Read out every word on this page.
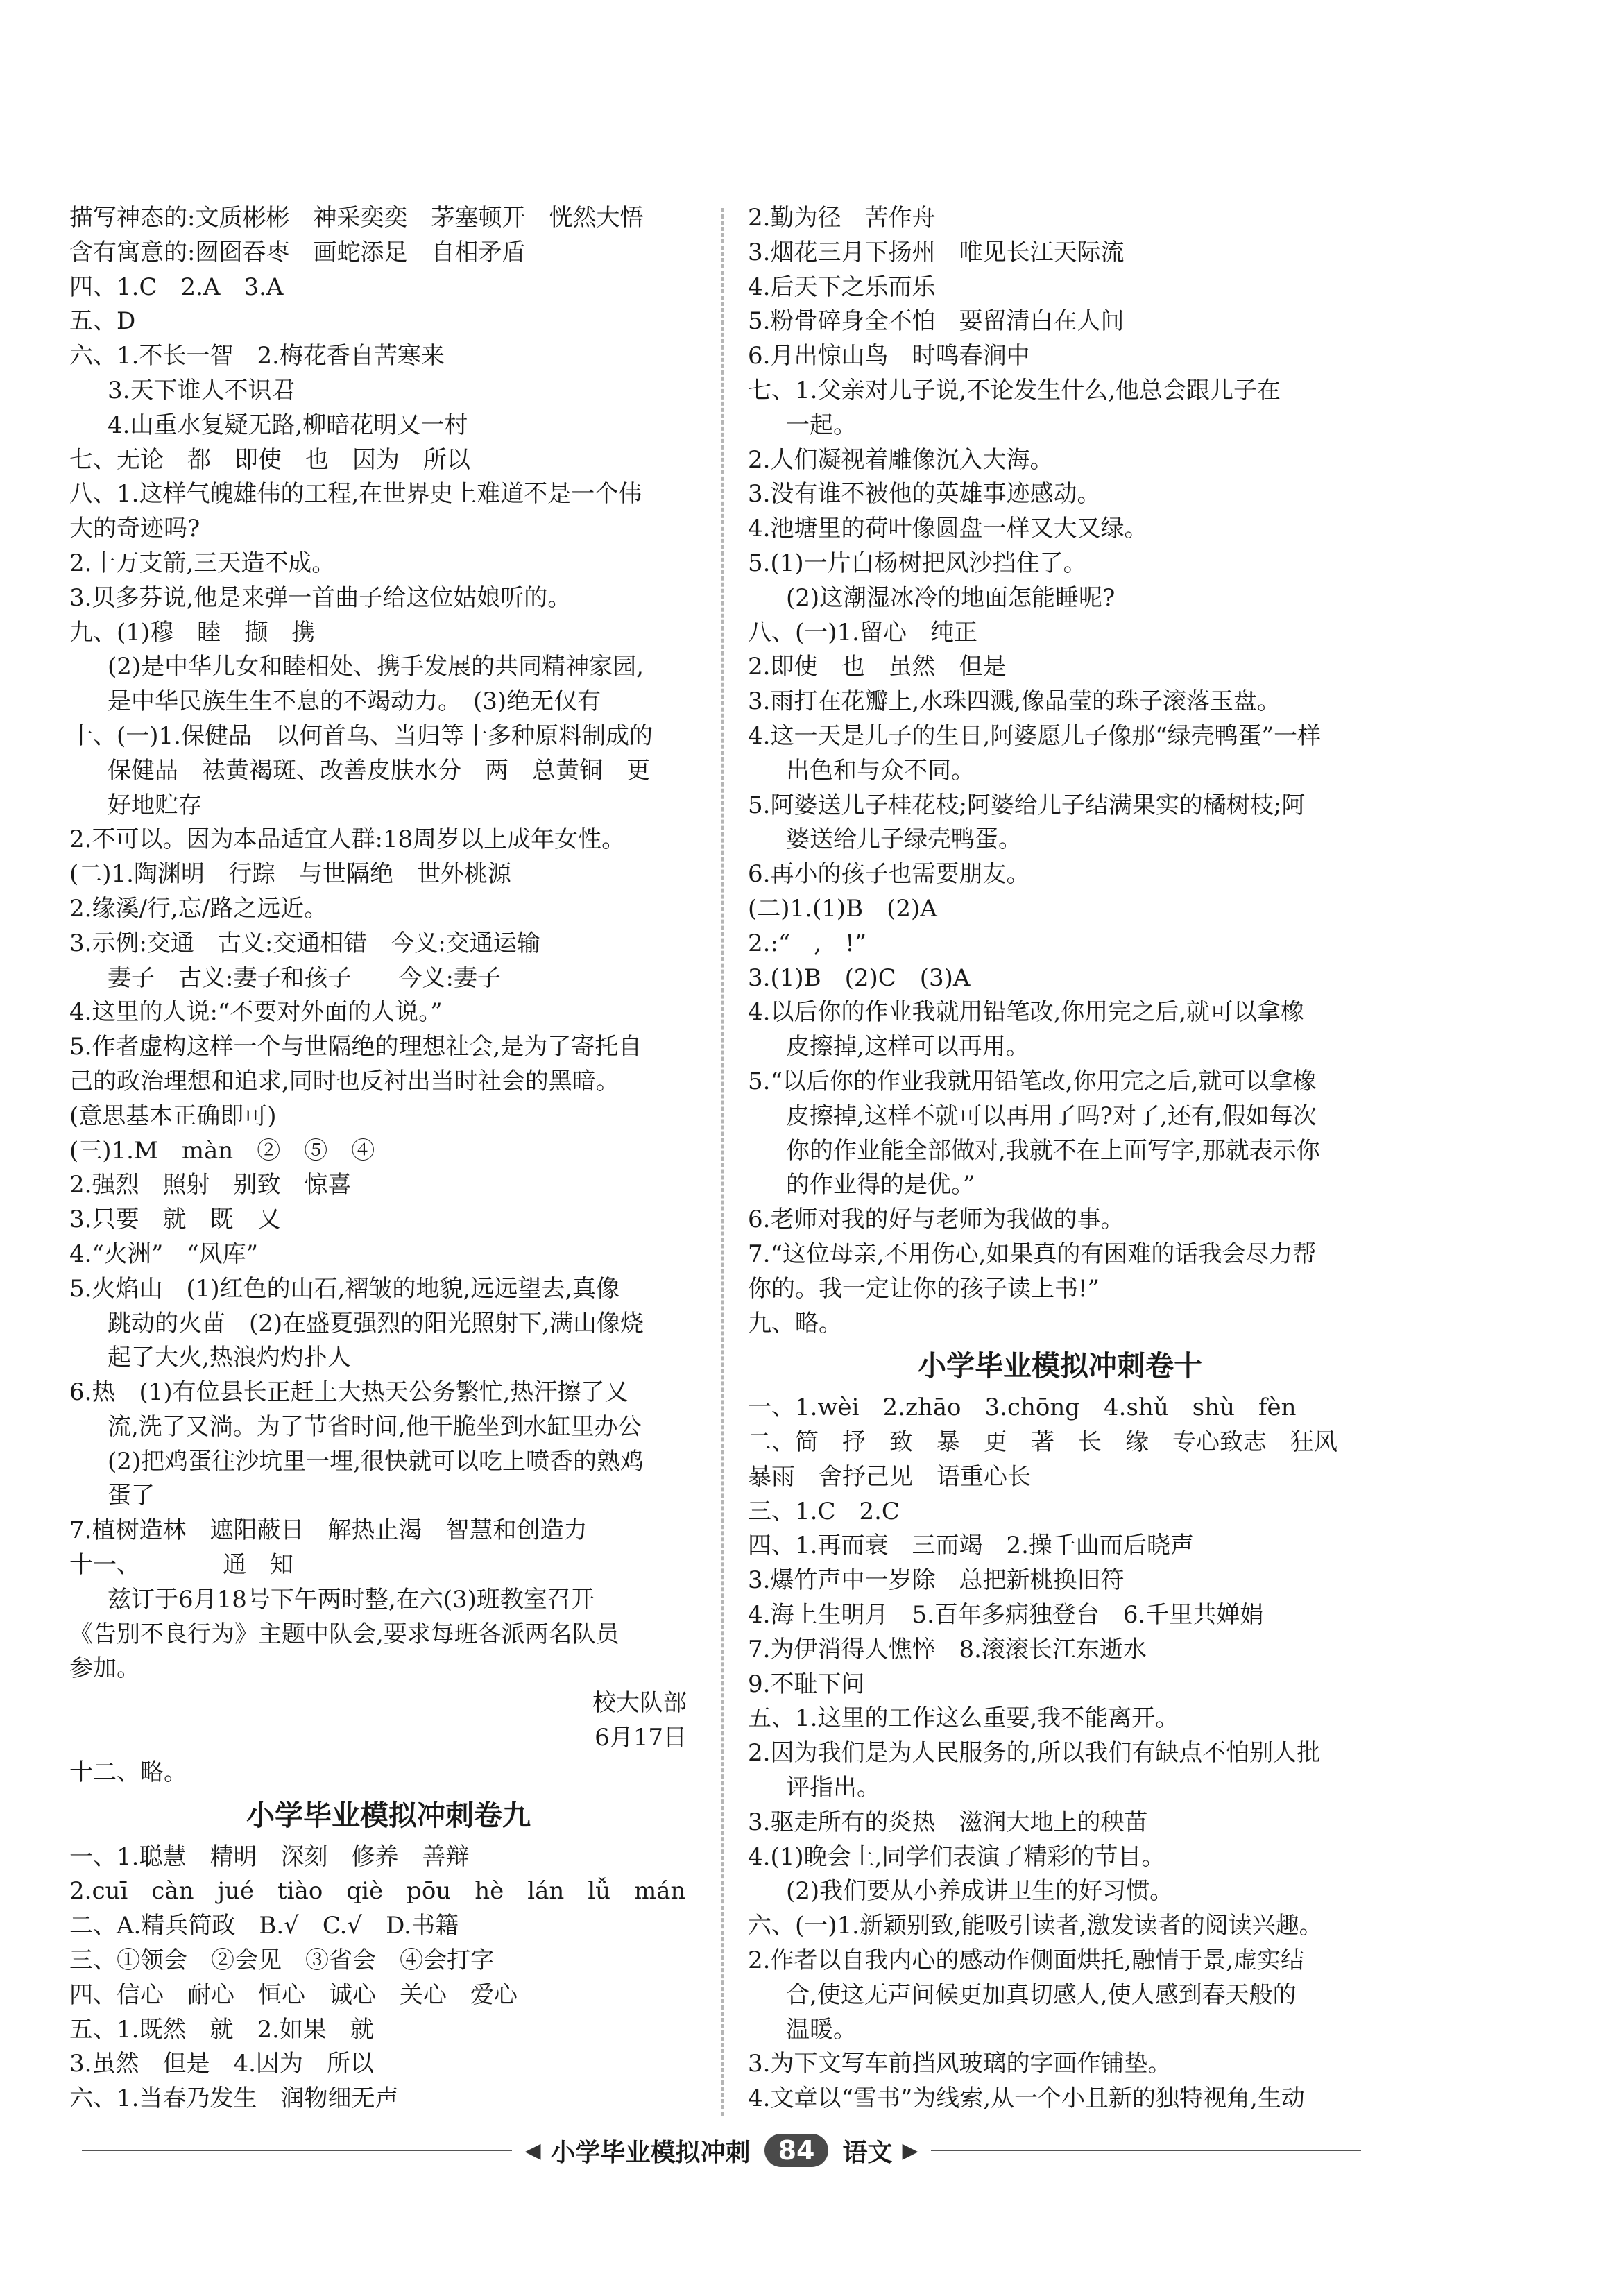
描写神态的:文质彬彬　神采奕奕　茅塞顿开　恍然大悟
含有寓意的:囫囵吞枣　画蛇添足　自相矛盾
四、1.C　2.A　3.A
五、D
六、1.不长一智　2.梅花香自苦寒来
3.天下谁人不识君
4.山重水复疑无路,柳暗花明又一村
七、无论　都　即使　也　因为　所以
八、1.这样气魄雄伟的工程,在世界史上难道不是一个伟
大的奇迹吗?
2.十万支箭,三天造不成。
3.贝多芬说,他是来弹一首曲子给这位姑娘听的。
九、(1)穆　睦　撷　携
(2)是中华儿女和睦相处、携手发展的共同精神家园,
是中华民族生生不息的不竭动力。　(3)绝无仅有
十、(一)1.保健品　以何首乌、当归等十多种原料制成的
保健品　祛黄褐斑、改善皮肤水分　两　总黄铜　更
好地贮存
2.不可以。因为本品适宜人群:18周岁以上成年女性。
(二)1.陶渊明　行踪　与世隔绝　世外桃源
2.缘溪/行,忘/路之远近。
3.示例:交通　古义:交通相错　今义:交通运输
妻子　古义:妻子和孩子　　今义:妻子
4.这里的人说:“不要对外面的人说。”
5.作者虚构这样一个与世隔绝的理想社会,是为了寄托自
己的政治理想和追求,同时也反衬出当时社会的黑暗。
(意思基本正确即可)
(三)1.M　màn　②　⑤　④
2.强烈　照射　别致　惊喜
3.只要　就　既　又
4.“火洲”　“风库”
5.火焰山　(1)红色的山石,褶皱的地貌,远远望去,真像
跳动的火苗　(2)在盛夏强烈的阳光照射下,满山像烧
起了大火,热浪灼灼扑人
6.热　(1)有位县长正赶上大热天公务繁忙,热汗擦了又
流,洗了又淌。为了节省时间,他干脆坐到水缸里办公
(2)把鸡蛋往沙坑里一埋,很快就可以吃上喷香的熟鸡
蛋了
7.植树造林　遮阳蔽日　解热止渴　智慧和创造力
十一、　　　　通　知
兹订于6月18号下午两时整,在六(3)班教室召开
《告别不良行为》主题中队会,要求每班各派两名队员
参加。
校大队部
6月17日
十二、略。
小学毕业模拟冲刺卷九
一、1.聪慧　精明　深刻　修养　善辩
2.cuī　càn　jué　tiào　qiè　pōu　hè　lán　lǚ　mán
二、A.精兵简政　B.√　C.√　D.书籍
三、①领会　②会见　③省会　④会打字
四、信心　耐心　恒心　诚心　关心　爱心
五、1.既然　就　2.如果　就
3.虽然　但是　4.因为　所以
六、1.当春乃发生　润物细无声
2.勤为径　苦作舟
3.烟花三月下扬州　唯见长江天际流
4.后天下之乐而乐
5.粉骨碎身全不怕　要留清白在人间
6.月出惊山鸟　时鸣春涧中
七、1.父亲对儿子说,不论发生什么,他总会跟儿子在
一起。
2.人们凝视着雕像沉入大海。
3.没有谁不被他的英雄事迹感动。
4.池塘里的荷叶像圆盘一样又大又绿。
5.(1)一片白杨树把风沙挡住了。
(2)这潮湿冰冷的地面怎能睡呢?
八、(一)1.留心　纯正
2.即使　也　虽然　但是
3.雨打在花瓣上,水珠四溅,像晶莹的珠子滚落玉盘。
4.这一天是儿子的生日,阿婆愿儿子像那“绿壳鸭蛋”一样
出色和与众不同。
5.阿婆送儿子桂花枝;阿婆给儿子结满果实的橘树枝;阿
婆送给儿子绿壳鸭蛋。
6.再小的孩子也需要朋友。
(二)1.(1)B　(2)A
2.:“　,　!”
3.(1)B　(2)C　(3)A
4.以后你的作业我就用铅笔改,你用完之后,就可以拿橡
皮擦掉,这样可以再用。
5.“以后你的作业我就用铅笔改,你用完之后,就可以拿橡
皮擦掉,这样不就可以再用了吗?对了,还有,假如每次
你的作业能全部做对,我就不在上面写字,那就表示你
的作业得的是优。”
6.老师对我的好与老师为我做的事。
7.“这位母亲,不用伤心,如果真的有困难的话我会尽力帮
你的。我一定让你的孩子读上书!”
九、略。
小学毕业模拟冲刺卷十
一、1.wèi　2.zhāo　3.chōng　4.shǔ　shù　fèn
二、简　抒　致　暴　更　著　长　缘　专心致志　狂风
暴雨　舍抒己见　语重心长
三、1.C　2.C
四、1.再而衰　三而竭　2.操千曲而后晓声
3.爆竹声中一岁除　总把新桃换旧符
4.海上生明月　5.百年多病独登台　6.千里共婵娟
7.为伊消得人憔悴　8.滚滚长江东逝水
9.不耻下问
五、1.这里的工作这么重要,我不能离开。
2.因为我们是为人民服务的,所以我们有缺点不怕别人批
评指出。
3.驱走所有的炎热　滋润大地上的秧苗
4.(1)晚会上,同学们表演了精彩的节目。
(2)我们要从小养成讲卫生的好习惯。
六、(一)1.新颖别致,能吸引读者,激发读者的阅读兴趣。
2.作者以自我内心的感动作侧面烘托,融情于景,虚实结
合,使这无声问候更加真切感人,使人感到春天般的
温暖。
3.为下文写车前挡风玻璃的字画作铺垫。
4.文章以“雪书”为线索,从一个小且新的独特视角,生动
◀ 小学毕业模拟冲刺	84	语文 ▶
